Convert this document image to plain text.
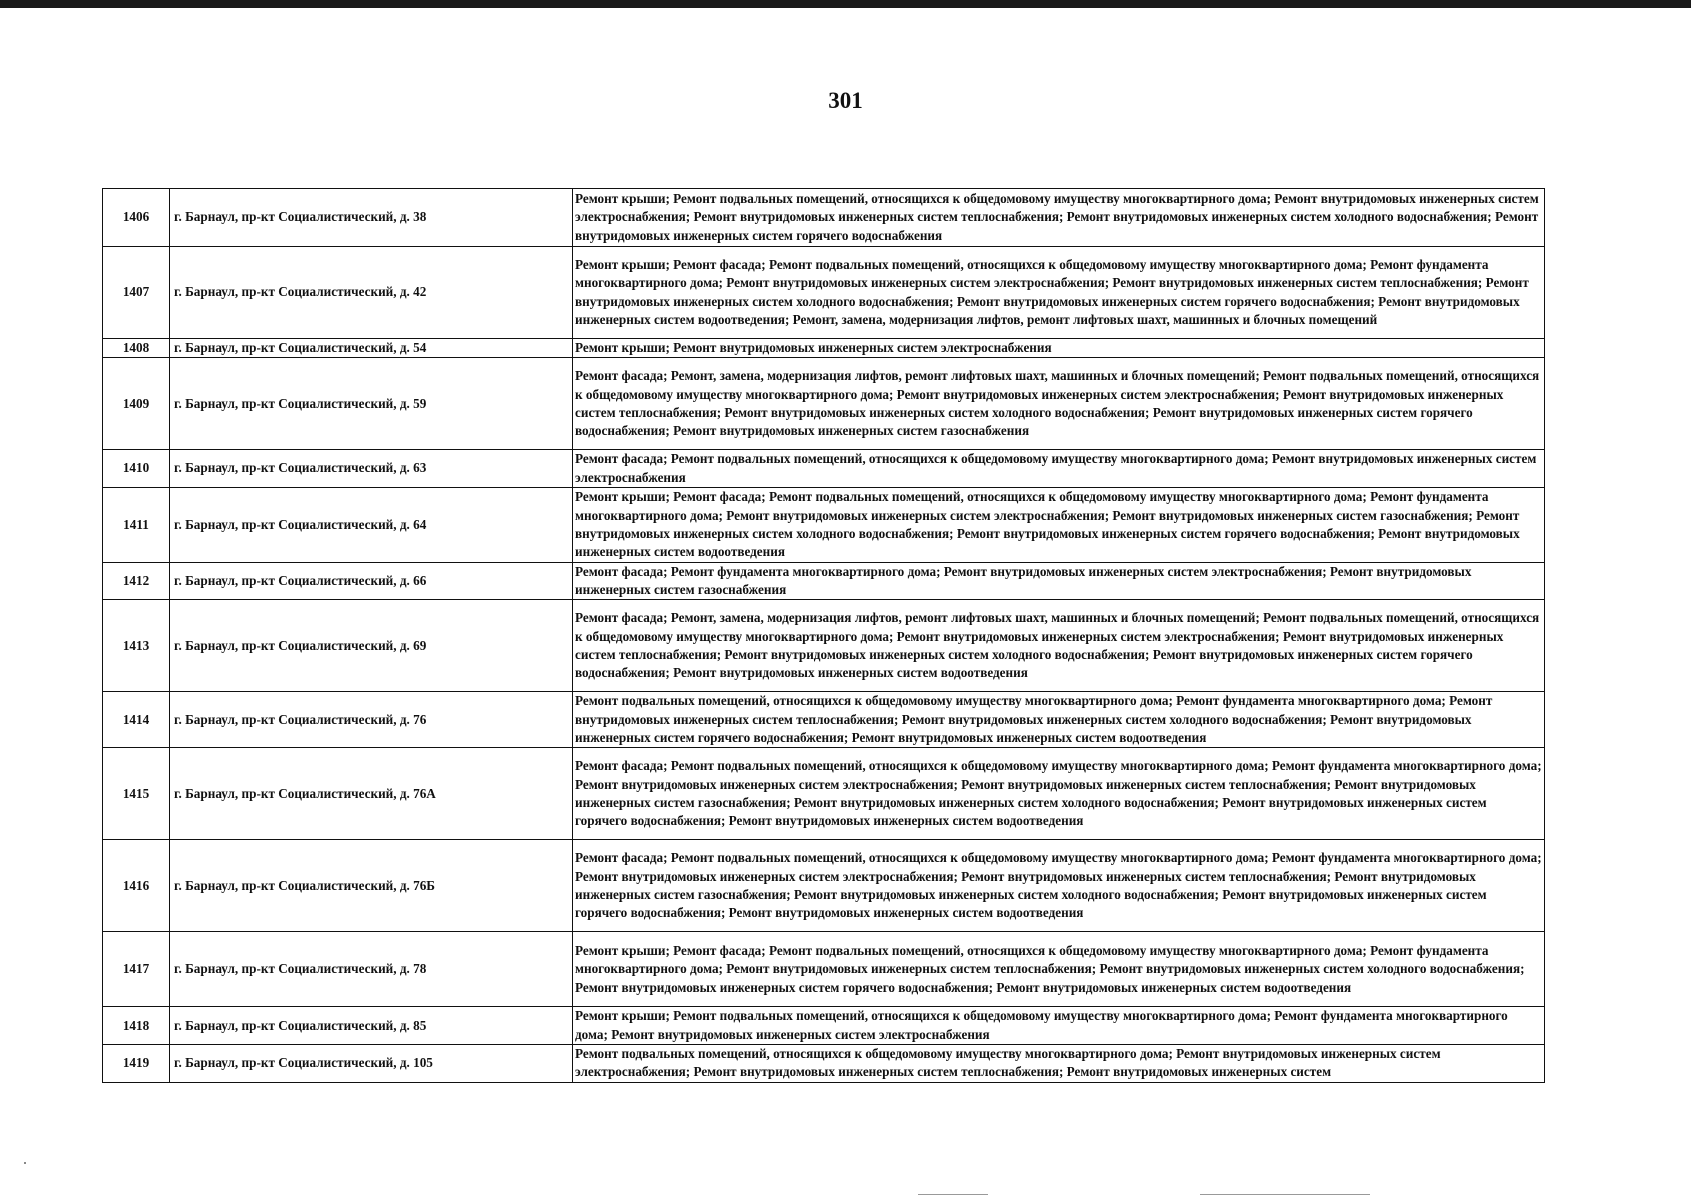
301
1406	г. Барнаул, пр-кт Социалистический, д. 38	Ремонт крыши; Ремонт подвальных помещений, относящихся к общедомовому имуществу многоквартирного дома; Ремонт внутридомовых инженерных систем электроснабжения; Ремонт внутридомовых инженерных систем теплоснабжения; Ремонт внутридомовых инженерных систем холодного водоснабжения; Ремонт внутридомовых инженерных систем горячего водоснабжения
1407	г. Барнаул, пр-кт Социалистический, д. 42	Ремонт крыши; Ремонт фасада; Ремонт подвальных помещений, относящихся к общедомовому имуществу многоквартирного дома; Ремонт фундамента многоквартирного дома; Ремонт внутридомовых инженерных систем электроснабжения; Ремонт внутридомовых инженерных систем теплоснабжения; Ремонт внутридомовых инженерных систем холодного водоснабжения; Ремонт внутридомовых инженерных систем горячего водоснабжения; Ремонт внутридомовых инженерных систем водоотведения; Ремонт, замена, модернизация лифтов, ремонт лифтовых шахт, машинных и блочных помещений
1408	г. Барнаул, пр-кт Социалистический, д. 54	Ремонт крыши; Ремонт внутридомовых инженерных систем электроснабжения
1409	г. Барнаул, пр-кт Социалистический, д. 59	Ремонт фасада; Ремонт, замена, модернизация лифтов, ремонт лифтовых шахт, машинных и блочных помещений; Ремонт подвальных помещений, относящихся к общедомовому имуществу многоквартирного дома; Ремонт внутридомовых инженерных систем электроснабжения; Ремонт внутридомовых инженерных систем теплоснабжения; Ремонт внутридомовых инженерных систем холодного водоснабжения; Ремонт внутридомовых инженерных систем горячего водоснабжения; Ремонт внутридомовых инженерных систем газоснабжения
1410	г. Барнаул, пр-кт Социалистический, д. 63	Ремонт фасада; Ремонт подвальных помещений, относящихся к общедомовому имуществу многоквартирного дома; Ремонт внутридомовых инженерных систем электроснабжения
1411	г. Барнаул, пр-кт Социалистический, д. 64	Ремонт крыши; Ремонт фасада; Ремонт подвальных помещений, относящихся к общедомовому имуществу многоквартирного дома; Ремонт фундамента многоквартирного дома; Ремонт внутридомовых инженерных систем электроснабжения; Ремонт внутридомовых инженерных систем газоснабжения; Ремонт внутридомовых инженерных систем холодного водоснабжения; Ремонт внутридомовых инженерных систем горячего водоснабжения; Ремонт внутридомовых инженерных систем водоотведения
1412	г. Барнаул, пр-кт Социалистический, д. 66	Ремонт фасада; Ремонт фундамента многоквартирного дома; Ремонт внутридомовых инженерных систем электроснабжения; Ремонт внутридомовых инженерных систем газоснабжения
1413	г. Барнаул, пр-кт Социалистический, д. 69	Ремонт фасада; Ремонт, замена, модернизация лифтов, ремонт лифтовых шахт, машинных и блочных помещений; Ремонт подвальных помещений, относящихся к общедомовому имуществу многоквартирного дома; Ремонт внутридомовых инженерных систем электроснабжения; Ремонт внутридомовых инженерных систем теплоснабжения; Ремонт внутридомовых инженерных систем холодного водоснабжения; Ремонт внутридомовых инженерных систем горячего водоснабжения; Ремонт внутридомовых инженерных систем водоотведения
1414	г. Барнаул, пр-кт Социалистический, д. 76	Ремонт подвальных помещений, относящихся к общедомовому имуществу многоквартирного дома; Ремонт фундамента многоквартирного дома; Ремонт внутридомовых инженерных систем теплоснабжения; Ремонт внутридомовых инженерных систем холодного водоснабжения; Ремонт внутридомовых инженерных систем горячего водоснабжения; Ремонт внутридомовых инженерных систем водоотведения
1415	г. Барнаул, пр-кт Социалистический, д. 76А	Ремонт фасада; Ремонт подвальных помещений, относящихся к общедомовому имуществу многоквартирного дома; Ремонт фундамента многоквартирного дома; Ремонт внутридомовых инженерных систем электроснабжения; Ремонт внутридомовых инженерных систем теплоснабжения; Ремонт внутридомовых инженерных систем газоснабжения; Ремонт внутридомовых инженерных систем холодного водоснабжения; Ремонт внутридомовых инженерных систем горячего водоснабжения; Ремонт внутридомовых инженерных систем водоотведения
1416	г. Барнаул, пр-кт Социалистический, д. 76Б	Ремонт фасада; Ремонт подвальных помещений, относящихся к общедомовому имуществу многоквартирного дома; Ремонт фундамента многоквартирного дома; Ремонт внутридомовых инженерных систем электроснабжения; Ремонт внутридомовых инженерных систем теплоснабжения; Ремонт внутридомовых инженерных систем газоснабжения; Ремонт внутридомовых инженерных систем холодного водоснабжения; Ремонт внутридомовых инженерных систем горячего водоснабжения; Ремонт внутридомовых инженерных систем водоотведения
1417	г. Барнаул, пр-кт Социалистический, д. 78	Ремонт крыши; Ремонт фасада; Ремонт подвальных помещений, относящихся к общедомовому имуществу многоквартирного дома; Ремонт фундамента многоквартирного дома; Ремонт внутридомовых инженерных систем теплоснабжения; Ремонт внутридомовых инженерных систем холодного водоснабжения; Ремонт внутридомовых инженерных систем горячего водоснабжения; Ремонт внутридомовых инженерных систем водоотведения
1418	г. Барнаул, пр-кт Социалистический, д. 85	Ремонт крыши; Ремонт подвальных помещений, относящихся к общедомовому имуществу многоквартирного дома; Ремонт фундамента многоквартирного дома; Ремонт внутридомовых инженерных систем электроснабжения
1419	г. Барнаул, пр-кт Социалистический, д. 105	Ремонт подвальных помещений, относящихся к общедомовому имуществу многоквартирного дома; Ремонт внутридомовых инженерных систем электроснабжения; Ремонт внутридомовых инженерных систем теплоснабжения; Ремонт внутридомовых инженерных систем
